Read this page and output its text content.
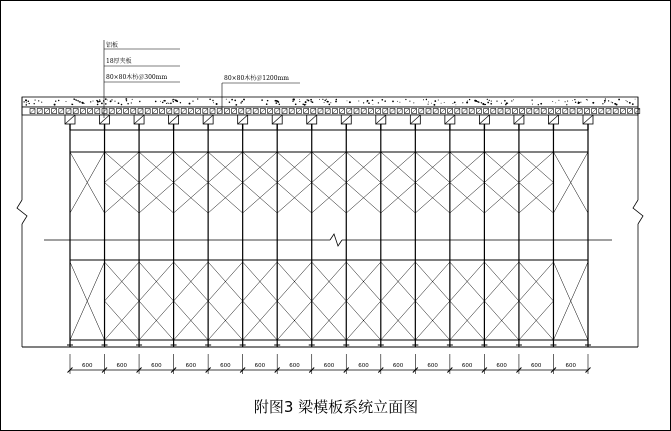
600	600	600	600	600	600	600	600	600	600	600	600	600	600	600
铝板
18厚夹板
80×80木枋＠300mm	80×80木枋＠1200mm
附图3 梁模板系统立面图
